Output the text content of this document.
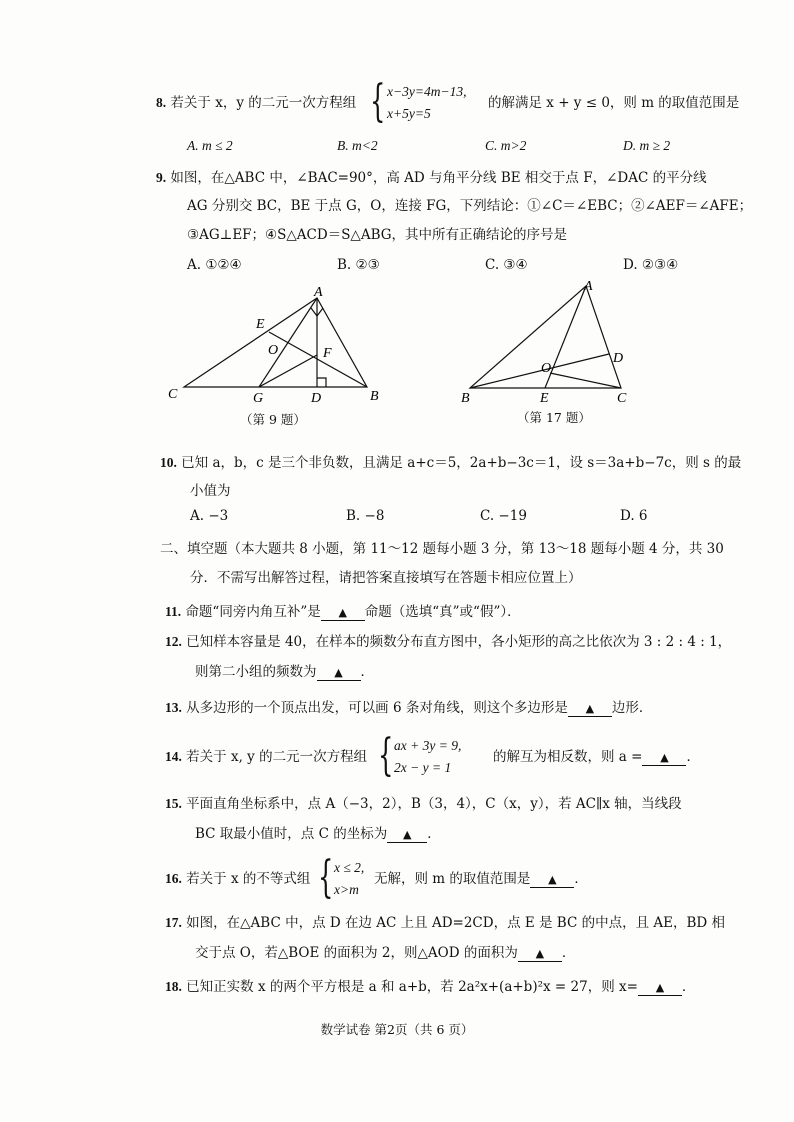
8. 若关于 x，y 的二元一次方程组 { x−3y=4m−13,
x+5y=5
的解满足 x + y ≤ 0，则 m 的取值范围是
A. m ≤ 2	B. m<2	C. m>2	D. m ≥ 2
9. 如图，在△ABC 中，∠BAC=90°，高 AD 与角平分线 BE 相交于点 F，∠DAC 的平分线
AG 分别交 BC，BE 于点 G，O，连接 FG，下列结论：①∠C＝∠EBC；②∠AEF＝∠AFE；
③AG⊥EF；④S△ACD＝S△ABG，其中所有正确结论的序号是
A. ①②④	B. ②③	C. ③④	D. ②③④
A
E
O	F
C	G	D	B
（第 9 题）
A
O
D
B	E	C
（第 17 题）
10. 已知 a，b，c 是三个非负数，且满足 a+c＝5，2a+b−3c＝1，设 s＝3a+b−7c，则 s 的最
小值为
A. −3	B. −8	C. −19	D. 6
二、填空题（本大题共 8 小题，第 11～12 题每小题 3 分，第 13～18 题每小题 4 分，共 30
分．不需写出解答过程，请把答案直接填写在答题卡相应位置上）
11. 命题“同旁内角互补”是 ▲ 命题（选填“真”或“假”）．
12. 已知样本容量是 40，在样本的频数分布直方图中，各小矩形的高之比依次为 3 : 2 : 4 : 1，
则第二小组的频数为 ▲ ．
13. 从多边形的一个顶点出发，可以画 6 条对角线，则这个多边形是 ▲ 边形．
14. 若关于 x, y 的二元一次方程组 { ax + 3y = 9,
2x − y = 1
的解互为相反数，则 a = ▲ ．
15. 平面直角坐标系中，点 A（−3，2），B（3，4），C（x，y），若 AC∥x 轴，当线段
BC 取最小值时，点 C 的坐标为 ▲ ．
16. 若关于 x 的不等式组 { x ≤ 2,
x>m
无解，则 m 的取值范围是 ▲ ．
17. 如图，在△ABC 中，点 D 在边 AC 上且 AD=2CD，点 E 是 BC 的中点，且 AE，BD 相
交于点 O，若△BOE 的面积为 2，则△AOD 的面积为 ▲ ．
18. 已知正实数 x 的两个平方根是 a 和 a+b，若 2a²x+(a+b)²x = 27，则 x= ▲ ．
数学试卷 第2页（共 6 页）
